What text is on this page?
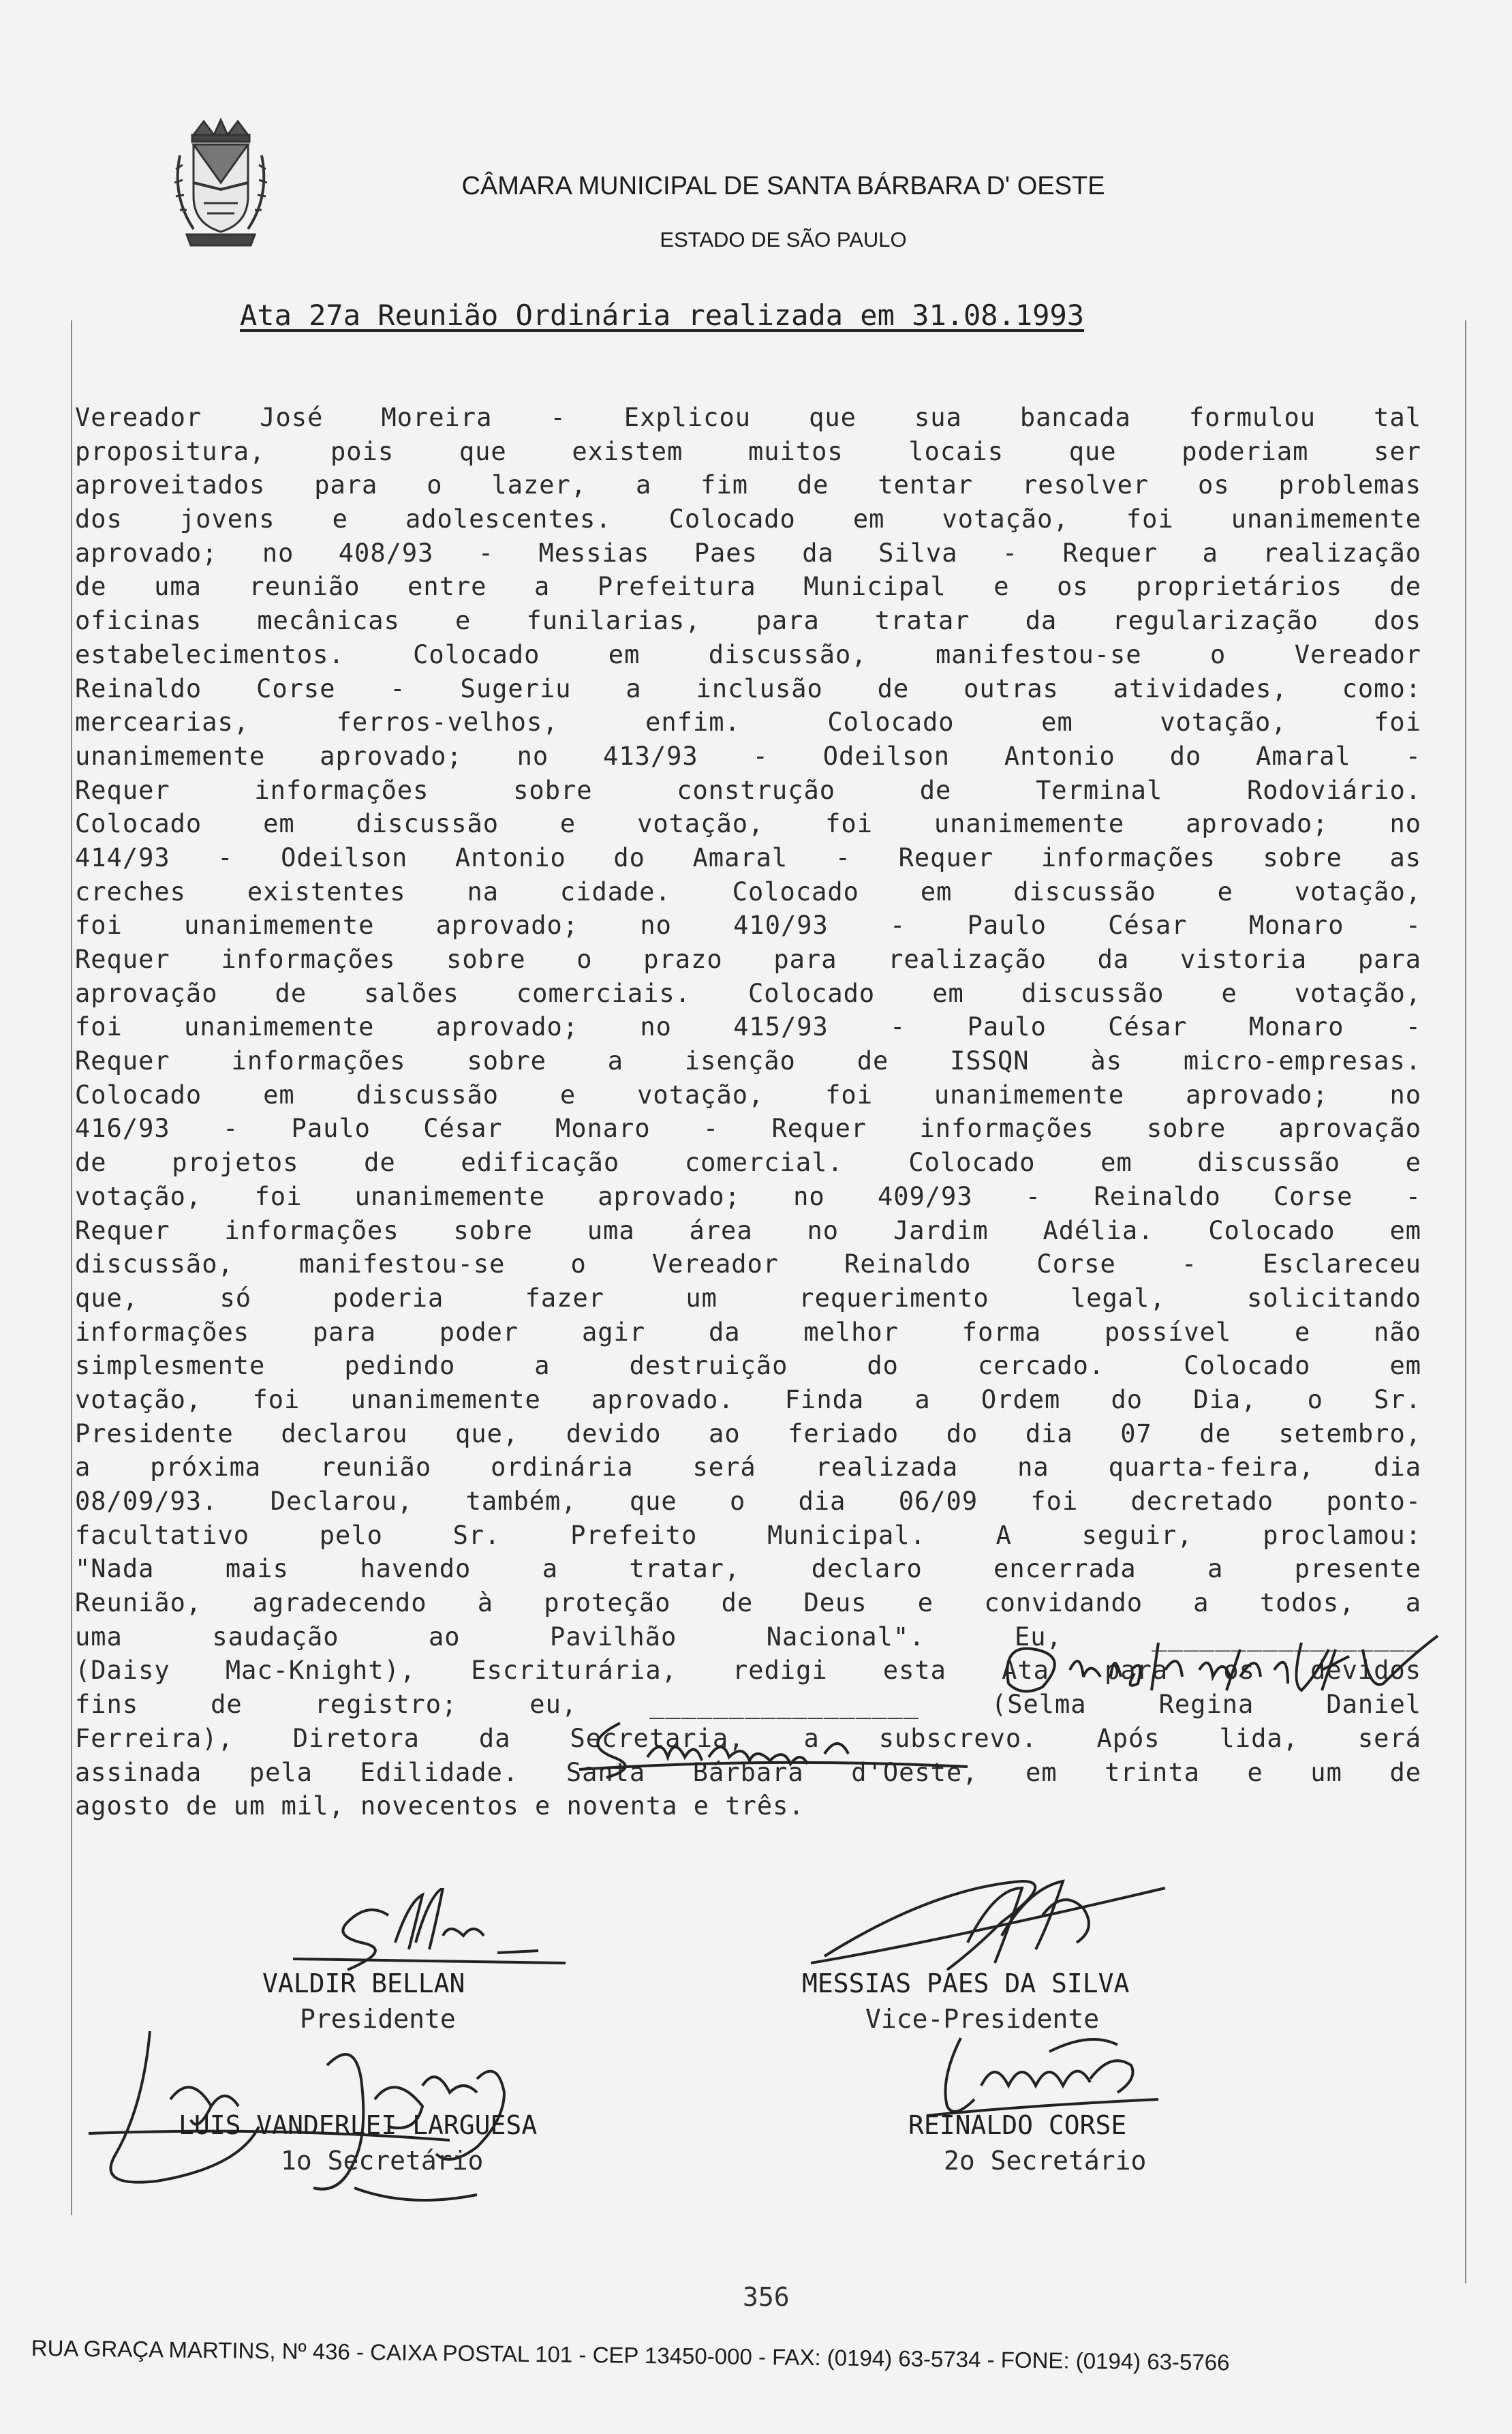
CÂMARA MUNICIPAL DE SANTA BÁRBARA D' OESTE
ESTADO DE SÃO PAULO
Ata 27a Reunião Ordinária realizada em 31.08.1993
Vereador José Moreira - Explicou que sua bancada formulou tal
propositura, pois que existem muitos locais que poderiam ser
aproveitados para o lazer, a fim de tentar resolver os problemas
dos jovens e adolescentes. Colocado em votação, foi unanimemente
aprovado; no 408/93 - Messias Paes da Silva - Requer a realização
de uma reunião entre a Prefeitura Municipal e os proprietários de
oficinas mecânicas e funilarias, para tratar da regularização dos
estabelecimentos. Colocado em discussão, manifestou-se o Vereador
Reinaldo Corse - Sugeriu a inclusão de outras atividades, como:
mercearias, ferros-velhos, enfim. Colocado em votação, foi
unanimemente aprovado; no 413/93 - Odeilson Antonio do Amaral -
Requer informações sobre construção de Terminal Rodoviário.
Colocado em discussão e votação, foi unanimemente aprovado; no
414/93 - Odeilson Antonio do Amaral - Requer informações sobre as
creches existentes na cidade. Colocado em discussão e votação,
foi unanimemente aprovado; no 410/93 - Paulo César Monaro -
Requer informações sobre o prazo para realização da vistoria para
aprovação de salões comerciais. Colocado em discussão e votação,
foi unanimemente aprovado; no 415/93 - Paulo César Monaro -
Requer informações sobre a isenção de ISSQN às micro-empresas.
Colocado em discussão e votação, foi unanimemente aprovado; no
416/93 - Paulo César Monaro - Requer informações sobre aprovação
de projetos de edificação comercial. Colocado em discussão e
votação, foi unanimemente aprovado; no 409/93 - Reinaldo Corse -
Requer informações sobre uma área no Jardim Adélia. Colocado em
discussão, manifestou-se o Vereador Reinaldo Corse - Esclareceu
que, só poderia fazer um requerimento legal, solicitando
informações para poder agir da melhor forma possível e não
simplesmente pedindo a destruição do cercado. Colocado em
votação, foi unanimemente aprovado. Finda a Ordem do Dia, o Sr.
Presidente declarou que, devido ao feriado do dia 07 de setembro,
a próxima reunião ordinária será realizada na quarta-feira, dia
08/09/93. Declarou, também, que o dia 06/09 foi decretado ponto-
facultativo pelo Sr. Prefeito Municipal. A seguir, proclamou:
"Nada mais havendo a tratar, declaro encerrada a presente
Reunião, agradecendo à proteção de Deus e convidando a todos, a
uma saudação ao Pavilhão Nacional". Eu, _________________
(Daisy Mac-Knight), Escriturária, redigi esta Ata para os devidos
fins de registro; eu, _________________ (Selma Regina Daniel
Ferreira), Diretora da Secretaria, a subscrevo. Após lida, será
assinada pela Edilidade. Santa Bárbara d'Oeste, em trinta e um de
agosto de um mil, novecentos e noventa e três.
VALDIR BELLAN
Presidente
MESSIAS PAES DA SILVA
Vice-Presidente
LUIS VANDERLEI LARGUESA
1o Secretário
REINALDO CORSE
2o Secretário
356
RUA GRAÇA MARTINS, Nº 436 - CAIXA POSTAL 101 - CEP 13450-000 - FAX: (0194) 63-5734 - FONE: (0194) 63-5766
